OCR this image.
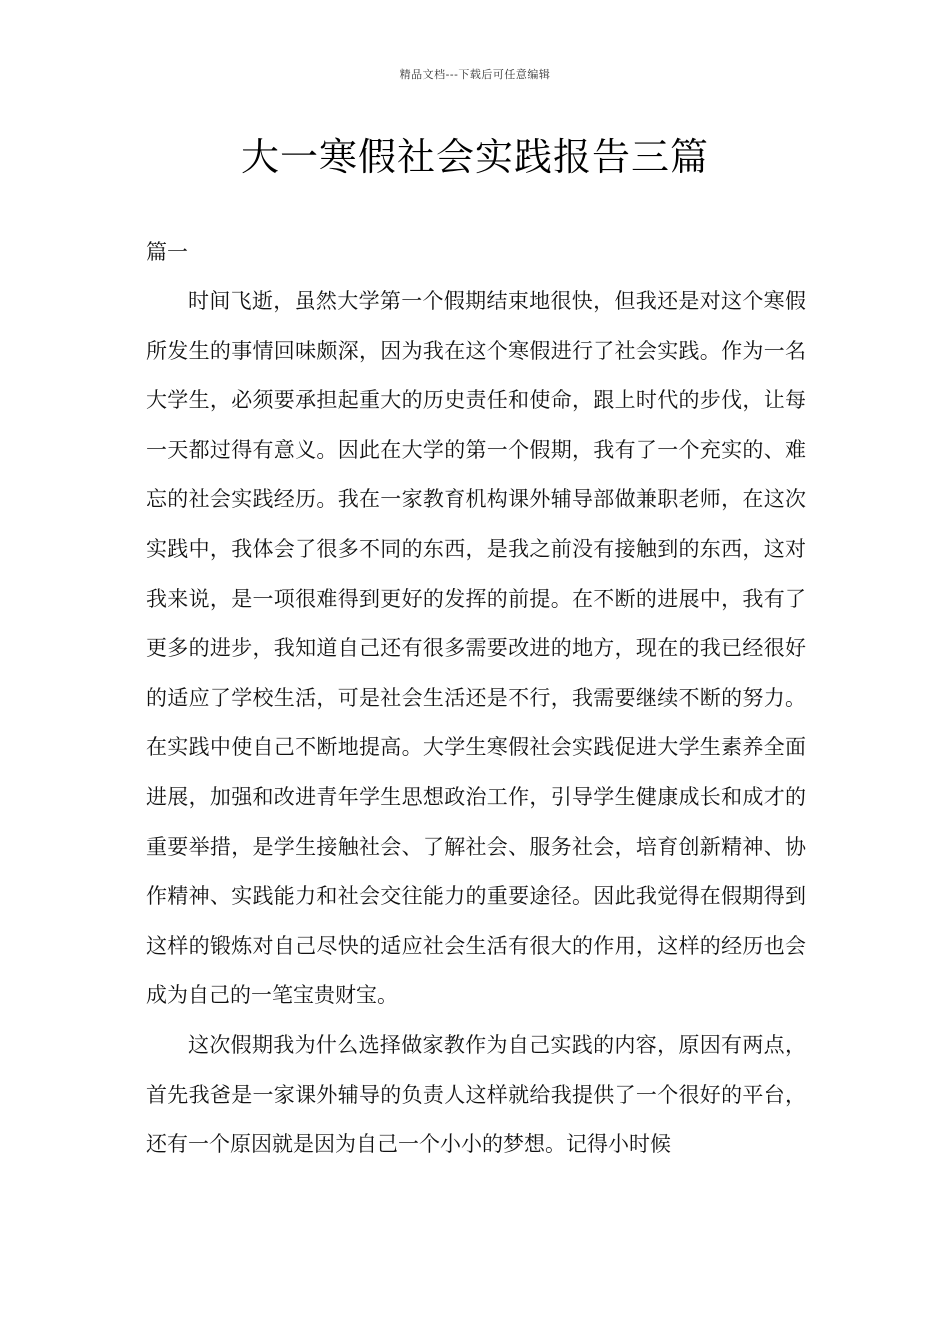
精品文档---下载后可任意编辑
大一寒假社会实践报告三篇
篇一

时间飞逝，虽然大学第一个假期结束地很快，但我还是对这个寒假所发生的事情回味颇深，因为我在这个寒假进行了社会实践。作为一名大学生，必须要承担起重大的历史责任和使命，跟上时代的步伐，让每一天都过得有意义。因此在大学的第一个假期，我有了一个充实的、难忘的社会实践经历。我在一家教育机构课外辅导部做兼职老师，在这次实践中，我体会了很多不同的东西，是我之前没有接触到的东西，这对我来说，是一项很难得到更好的发挥的前提。在不断的进展中，我有了更多的进步，我知道自己还有很多需要改进的地方，现在的我已经很好的适应了学校生活，可是社会生活还是不行，我需要继续不断的努力。在实践中使自己不断地提高。大学生寒假社会实践促进大学生素养全面进展，加强和改进青年学生思想政治工作，引导学生健康成长和成才的重要举措，是学生接触社会、了解社会、服务社会，培育创新精神、协作精神、实践能力和社会交往能力的重要途径。因此我觉得在假期得到这样的锻炼对自己尽快的适应社会生活有很大的作用，这样的经历也会成为自己的一笔宝贵财宝。

这次假期我为什么选择做家教作为自己实践的内容，原因有两点，首先我爸是一家课外辅导的负责人这样就给我提供了一个很好的平台，还有一个原因就是因为自己一个小小的梦想。记得小时候
